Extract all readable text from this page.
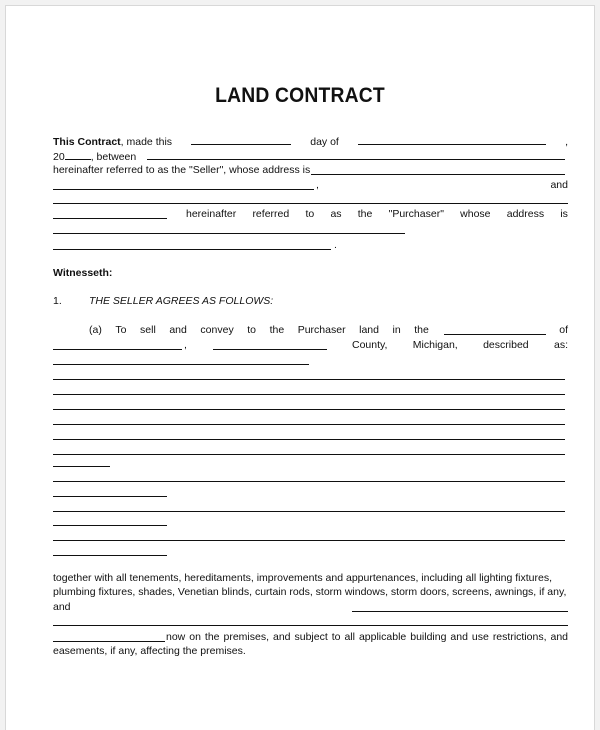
LAND CONTRACT
This Contract, made this	day of	,
20 , between
hereinafter referred to as the "Seller", whose address is
,	and
hereinafter referred to as the "Purchaser" whose address is
.
Witnesseth:
1.	THE SELLER AGREES AS FOLLOWS:
(a) To sell and convey to the Purchaser land in the	of
,	County, Michigan, described as:
together with all tenements, hereditaments, improvements and appurtenances, including all lighting fixtures,
plumbing fixtures, shades, Venetian blinds, curtain rods, storm windows, storm doors, screens, awnings, if any,
and
now on the premises, and subject to all applicable building and use restrictions, and
easements, if any, affecting the premises.
